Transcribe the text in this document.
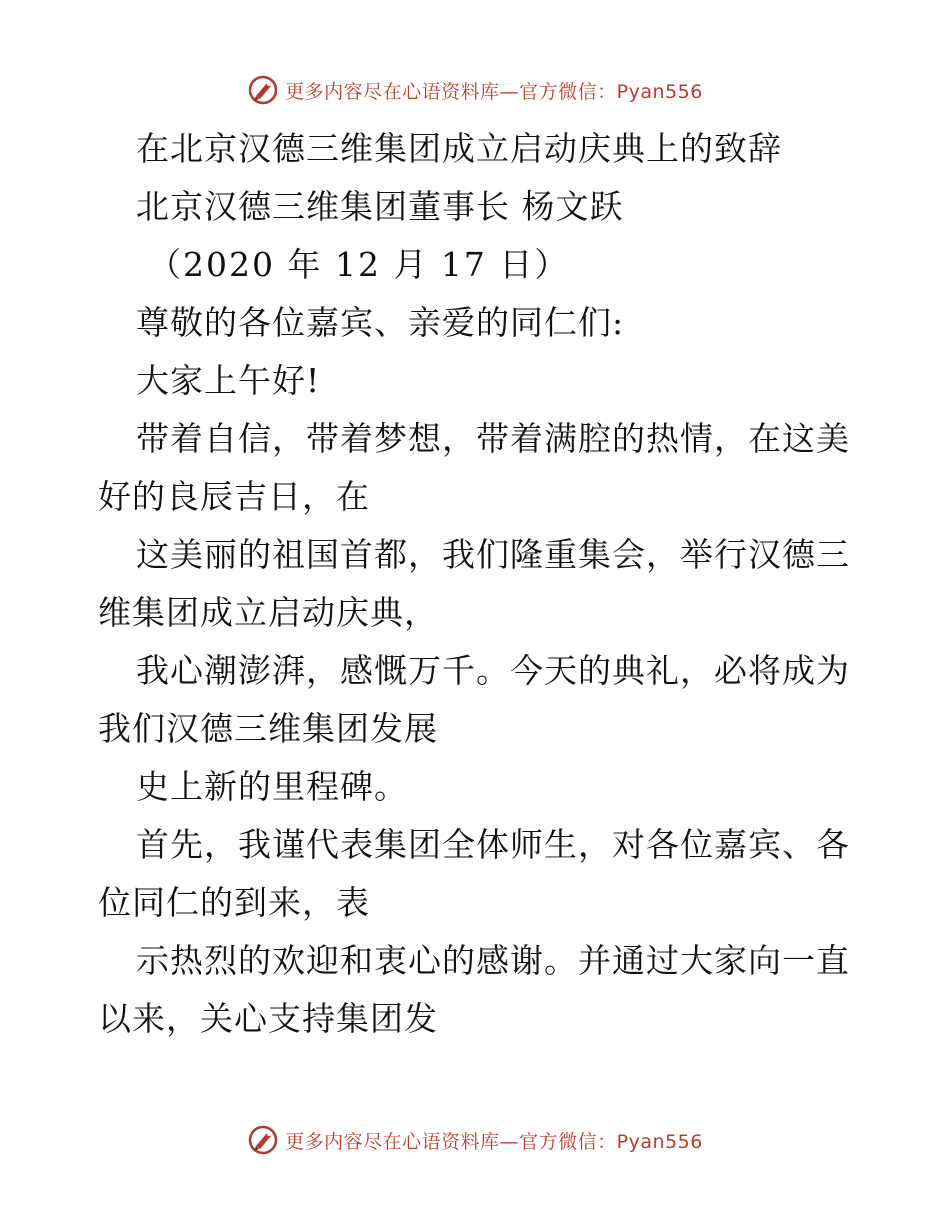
更多内容尽在心语资料库—官方微信：Pyan556
在北京汉德三维集团成立启动庆典上的致辞
北京汉德三维集团董事长 杨文跃
（2020 年 12 月 17 日）
尊敬的各位嘉宾、亲爱的同仁们:
大家上午好!
带着自信，带着梦想，带着满腔的热情，在这美
好的良辰吉日，在
这美丽的祖国首都，我们隆重集会，举行汉德三
维集团成立启动庆典，
我心潮澎湃，感慨万千。今天的典礼，必将成为
我们汉德三维集团发展
史上新的里程碑。
首先，我谨代表集团全体师生，对各位嘉宾、各
位同仁的到来，表
示热烈的欢迎和衷心的感谢。并通过大家向一直
以来，关心支持集团发
更多内容尽在心语资料库—官方微信：Pyan556
